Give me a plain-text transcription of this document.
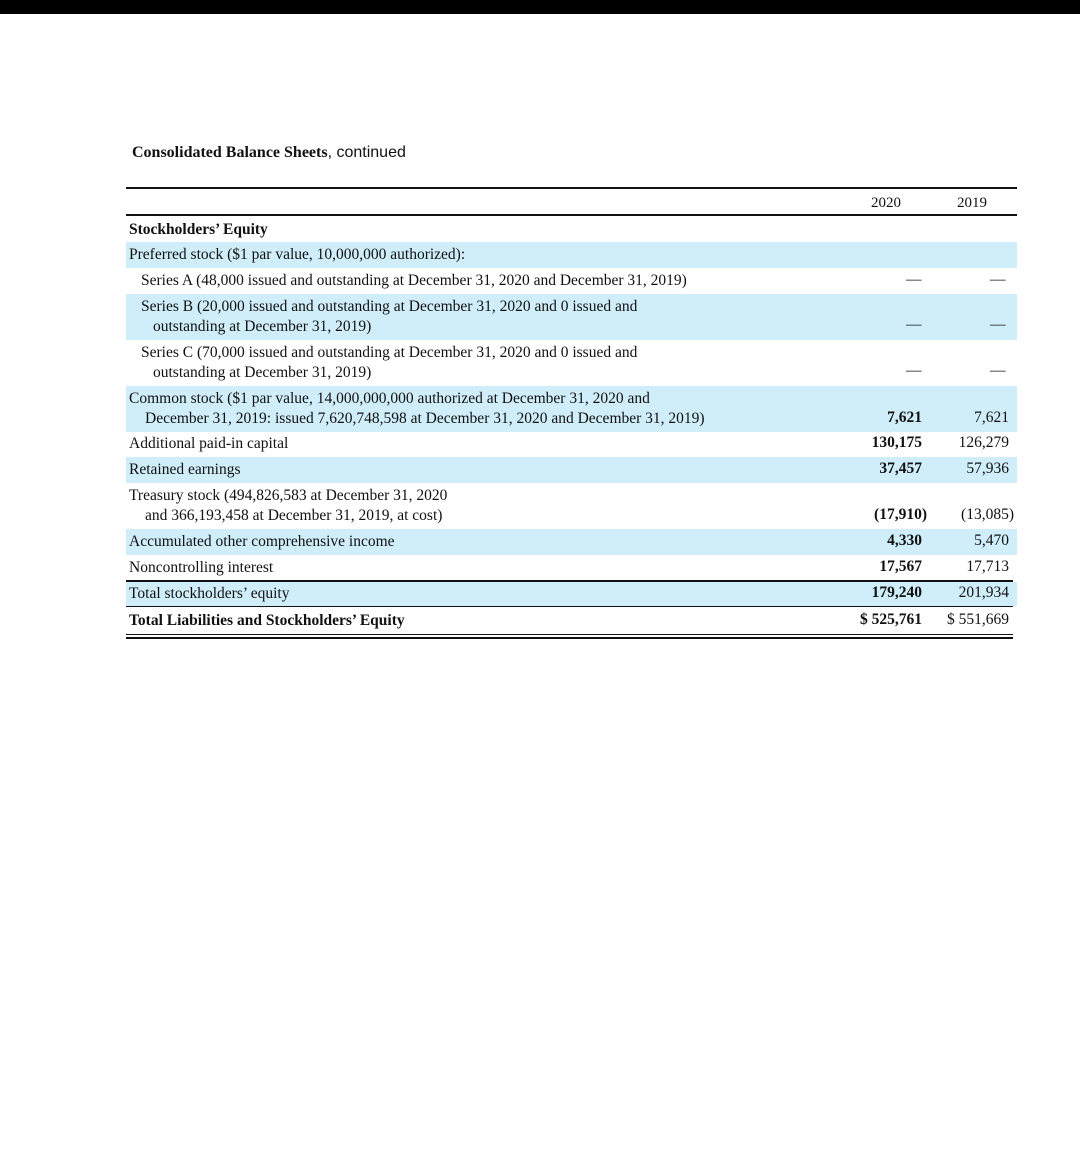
Consolidated Balance Sheets, continued
2020	2019
Stockholders’ Equity
Preferred stock ($1 par value, 10,000,000 authorized):
Series A (48,000 issued and outstanding at December 31, 2020 and December 31, 2019)	—	—
Series B (20,000 issued and outstanding at December 31, 2020 and 0 issued and
outstanding at December 31, 2019)	—	—
Series C (70,000 issued and outstanding at December 31, 2020 and 0 issued and
outstanding at December 31, 2019)	—	—
Common stock ($1 par value, 14,000,000,000 authorized at December 31, 2020 and
December 31, 2019: issued 7,620,748,598 at December 31, 2020 and December 31, 2019)	7,621	7,621
Additional paid-in capital	130,175 126,279
Retained earnings	37,457	57,936
Treasury stock (494,826,583 at December 31, 2020
and 366,193,458 at December 31, 2019, at cost)	(17,910) (13,085)
Accumulated other comprehensive income	4,330	5,470
Noncontrolling interest	17,567	17,713
Total stockholders’ equity	179,240 201,934
Total Liabilities and Stockholders’ Equity	$ 525,761 $ 551,669
